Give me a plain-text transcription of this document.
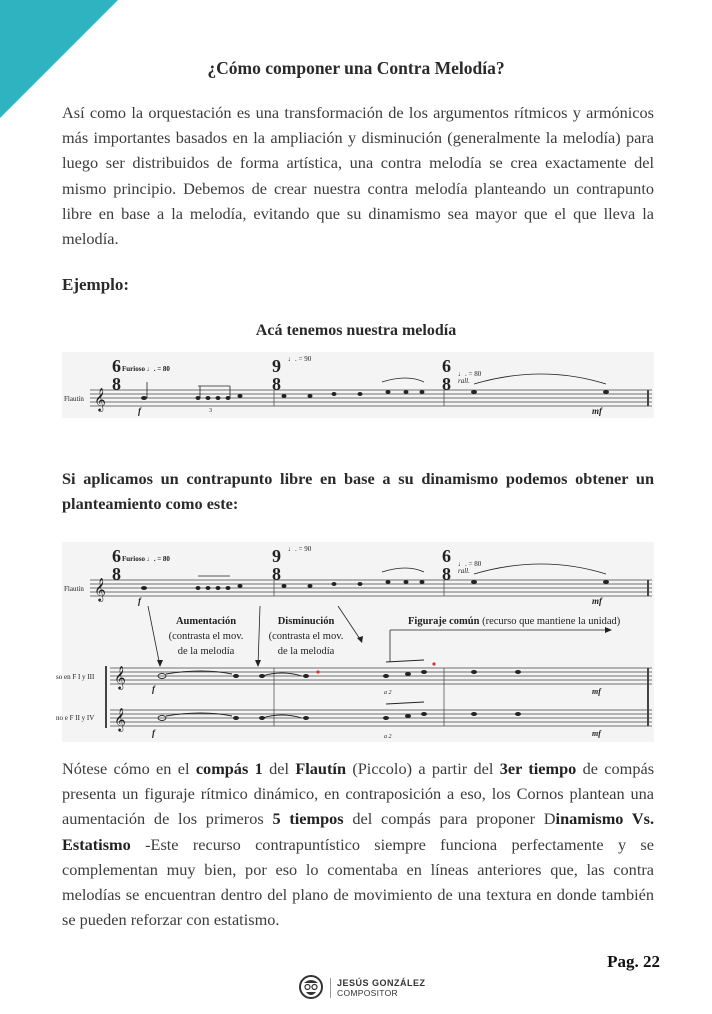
¿Cómo componer una Contra Melodía?

Así como la orquestación es una transformación de los argumentos rítmicos y armónicos más importantes basados en la ampliación y disminución (generalmente la melodía) para luego ser distribuidos de forma artística, una contra melodía se crea exactamente del mismo principio. Debemos de crear nuestra contra melodía planteando un contrapunto libre en base a la melodía, evitando que su dinamismo sea mayor que el que lleva la melodía.

Ejemplo:

Acá tenemos nuestra melodía

Flautín 𝄞
6
8
Furioso ♩. = 80	9
8
♩. = 90	6
8 ♩. = 80
rall.
f	mf
3

Si aplicamos un contrapunto libre en base a su dinamismo podemos obtener un planteamiento como este:

Flautín 𝄞
6
8
Furioso ♩. = 80	9
8
♩. = 90	6
8 ♩. = 80
rall.
f	mf
so en F I y III
no e F II y IV
𝄞
𝄞
f
f
mf
mf
a 2
a 2
Aumentación
(contrasta el mov.
de la melodía
Disminución
(contrasta el mov.
de la melodía
Figuraje común (recurso que mantiene la unidad)

Nótese cómo en el compás 1 del Flautín (Piccolo) a partir del 3er tiempo de compás presenta un figuraje rítmico dinámico, en contraposición a eso, los Cornos plantean una aumentación de los primeros 5 tiempos del compás para proponer Dinamismo Vs. Estatismo -Este recurso contrapuntístico siempre funciona perfectamente y se complementan muy bien, por eso lo comentaba en líneas anteriores que, las contra melodías se encuentran dentro del plano de movimiento de una textura en donde también se pueden reforzar con estatismo.

Pag. 22
JESÚS GONZÁLEZ
COMPOSITOR
